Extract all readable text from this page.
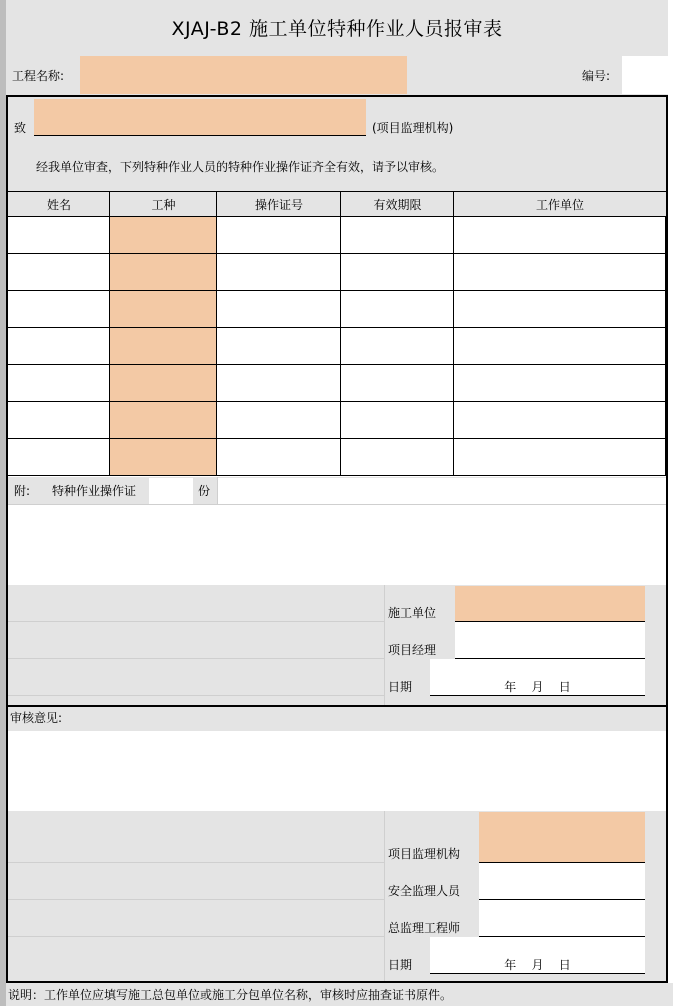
XJAJ-B2 施工单位特种作业人员报审表
工程名称:	编号:
致	(项目监理机构)
经我单位审查，下列特种作业人员的特种作业操作证齐全有效，请予以审核。
姓名	工种	操作证号	有效期限	工作单位
附: 特种作业操作证	份
施工单位
项目经理
日期	年    月    日
审核意见:
项目监理机构
安全监理人员
总监理工程师
日期	年    月    日
说明：工作单位应填写施工总包单位或施工分包单位名称，审核时应抽查证书原件。
